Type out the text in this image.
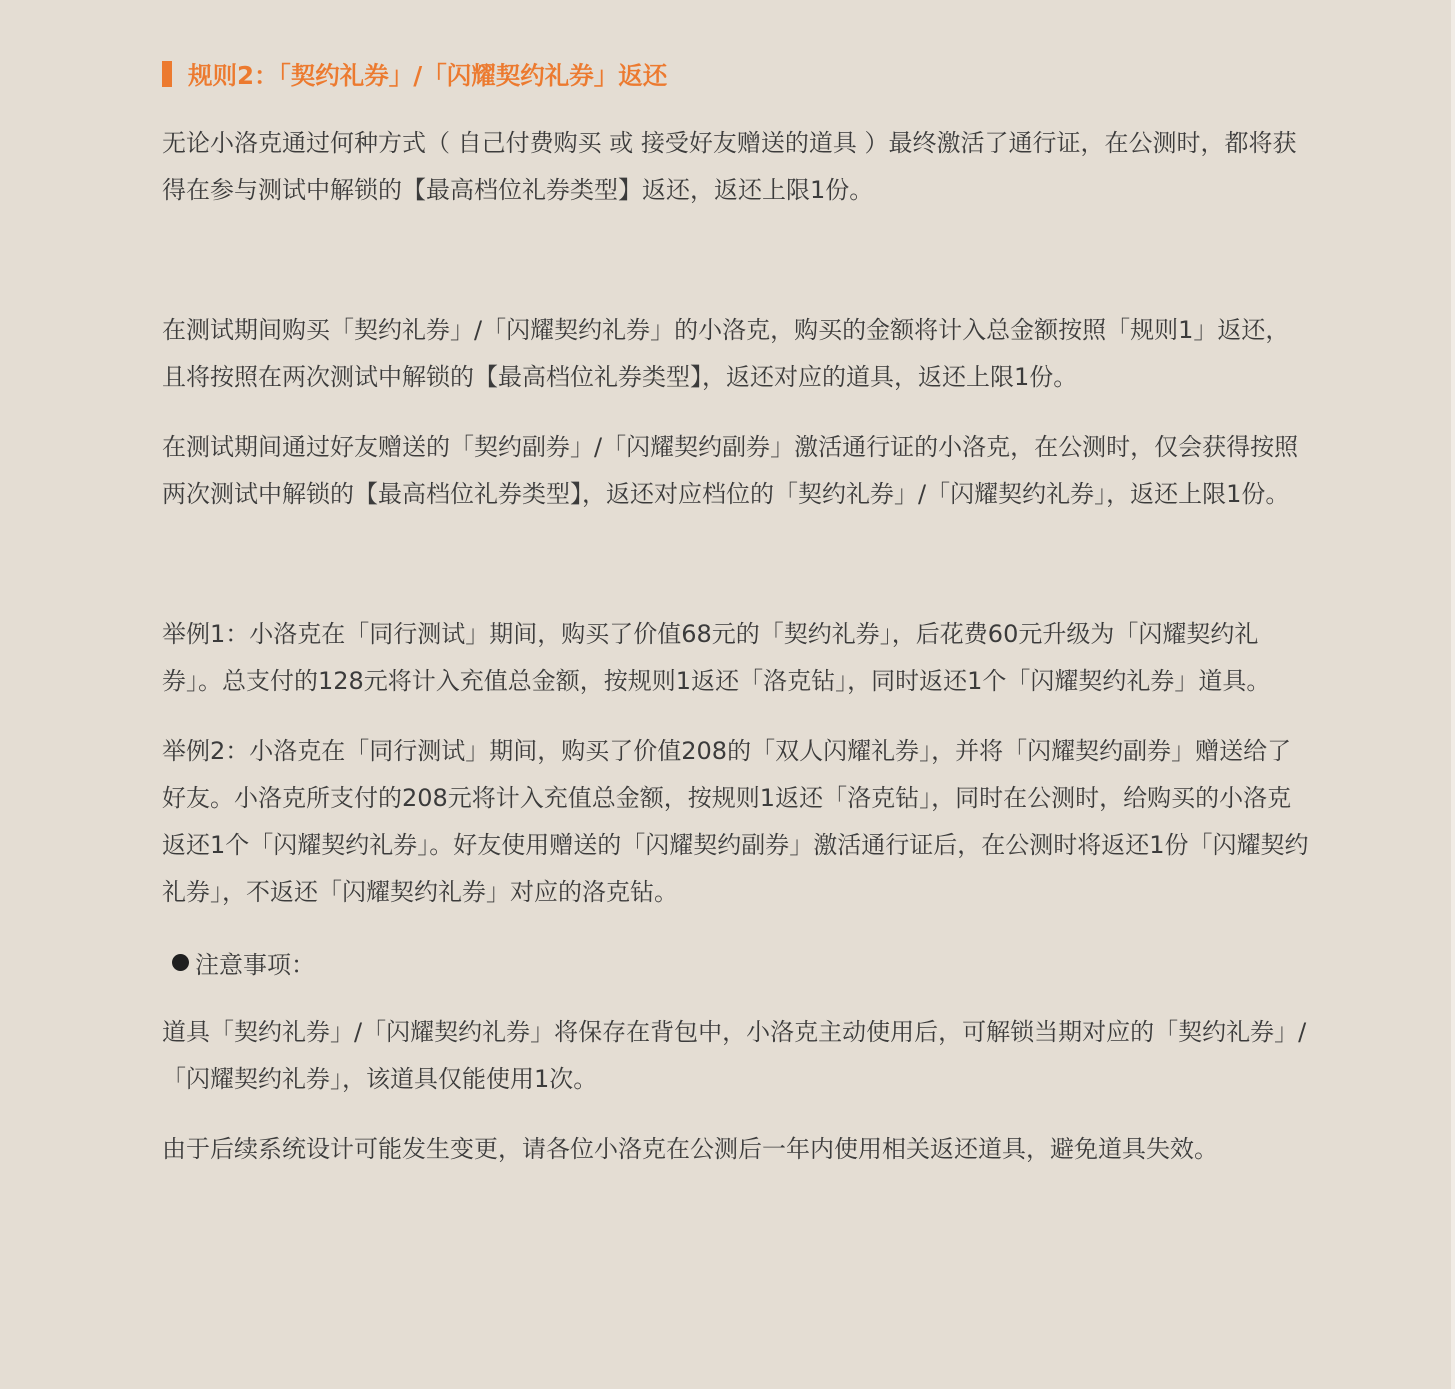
规则2：「契约礼券」/「闪耀契约礼券」返还

无论小洛克通过何种方式（ 自己付费购买 或 接受好友赠送的道具 ）最终激活了通行证，在公测时，都将获得在参与测试中解锁的【最高档位礼券类型】返还，返还上限1份。

在测试期间购买「契约礼券」/「闪耀契约礼券」的小洛克，购买的金额将计入总金额按照「规则1」返还，且将按照在两次测试中解锁的【最高档位礼券类型】，返还对应的道具，返还上限1份。

在测试期间通过好友赠送的「契约副券」/「闪耀契约副券」激活通行证的小洛克，在公测时，仅会获得按照两次测试中解锁的【最高档位礼券类型】，返还对应档位的「契约礼券」/「闪耀契约礼券」，返还上限1份。

举例1：小洛克在「同行测试」期间，购买了价值68元的「契约礼券」，后花费60元升级为「闪耀契约礼券」。总支付的128元将计入充值总金额，按规则1返还「洛克钻」，同时返还1个「闪耀契约礼券」道具。

举例2：小洛克在「同行测试」期间，购买了价值208的「双人闪耀礼券」，并将「闪耀契约副券」赠送给了好友。小洛克所支付的208元将计入充值总金额，按规则1返还「洛克钻」，同时在公测时，给购买的小洛克返还1个「闪耀契约礼券」。好友使用赠送的「闪耀契约副券」激活通行证后，在公测时将返还1份「闪耀契约礼券」，不返还「闪耀契约礼券」对应的洛克钻。

注意事项：

道具「契约礼券」/「闪耀契约礼券」将保存在背包中，小洛克主动使用后，可解锁当期对应的「契约礼券」/「闪耀契约礼券」，该道具仅能使用1次。

由于后续系统设计可能发生变更，请各位小洛克在公测后一年内使用相关返还道具，避免道具失效。
